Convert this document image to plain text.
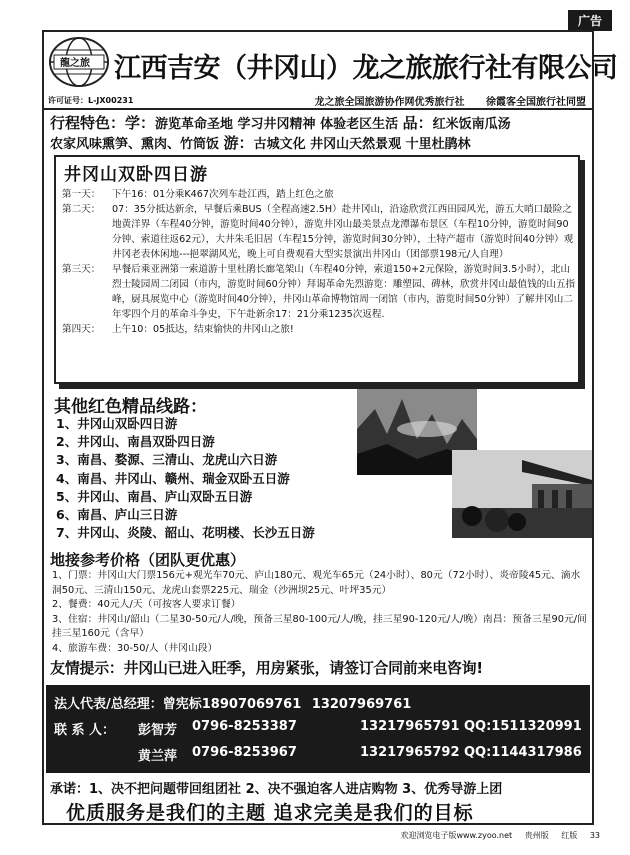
广告
龍之旅 江西吉安（井冈山）龙之旅旅行社有限公司
许可证号：L-JX00231	龙之旅全国旅游协作网优秀旅行社 徐霞客全国旅行社同盟
行程特色：学：游览革命圣地 学习井冈精神 体验老区生活 品：红米饭南瓜汤
农家风味熏笋、熏肉、竹筒饭 游：古城文化 井冈山天然景观 十里杜鹃林
井冈山双卧四日游
第一天：	下午16：01分乘K467次列车赴江西，踏上红色之旅
第二天：	07：35分抵达新余，早餐后乘BUS（全程高速2.5H）赴井冈山，沿途欣赏江西田园风光，游五大哨口最险之地黄洋界（车程40分钟，游览时间40分钟），游览井冈山最美景点龙潭瀑布景区（车程10分钟，游览时间90分钟、索道往返62元），大井朱毛旧居（车程15分钟，游览时间30分钟），土特产超市（游览时间40分钟）观井冈老表休闲地---挹翠湖风光，晚上可自费观看大型实景演出井冈山（团部票198元/人自理）
第三天：	早餐后乘亚洲第一索道游十里杜鹃长廊笔架山（车程40分钟，索道150+2元保险，游览时间3.5小时），北山烈士陵园周二闭园（市内，游览时间60分钟）拜谒革命先烈游览：雕塑园、碑林，欣赏井冈山最值钱的山五指峰，厨具展览中心（游览时间40分钟），井冈山革命博物馆周一闭馆（市内，游览时间50分钟）了解井冈山二年零四个月的革命斗争史，下午赴新余17：21分乘1235次返程.
第四天：	上午10：05抵达，结束愉快的井冈山之旅!
其他红色精品线路：
1、井冈山双卧四日游
2、井冈山、南昌双卧四日游
3、南昌、婺源、三清山、龙虎山六日游
4、南昌、井冈山、赣州、瑞金双卧五日游
5、井冈山、南昌、庐山双卧五日游
6、南昌、庐山三日游
7、井冈山、炎陵、韶山、花明楼、长沙五日游
地接参考价格（团队更优惠）
1、门票：井冈山大门票156元+观光车70元、庐山180元、观光车65元（24小时）、80元（72小时）、炎帝陵45元、滴水洞50元、三清山150元、龙虎山套票225元、瑞金（沙洲坝25元、叶坪35元）
2、餐费：40元人/天（可按客人要求订餐）
3、住宿：井冈山/韶山（二星30-50元/人/晚，预备三星80-100元/人/晚，挂三星90-120元/人/晚）南昌：预备三星90元/间 挂三星160元（含早）
4、旅游车费：30-50/人（井冈山段）
友情提示：井冈山已进入旺季，用房紧张，请签订合同前来电咨询!
法人代表/总经理：曾宪标18907069761 13207969761
联 系 人： 彭智芳 0796-8253387	13217965791 QQ:1511320991
黄兰萍 0796-8253967	13217965792 QQ:1144317986
承诺：1、决不把问题带回组团社 2、决不强迫客人进店购物 3、优秀导游上团
优质服务是我们的主题 追求完美是我们的目标
欢迎浏览电子版www.zyoo.net 贵州版 红版 33
